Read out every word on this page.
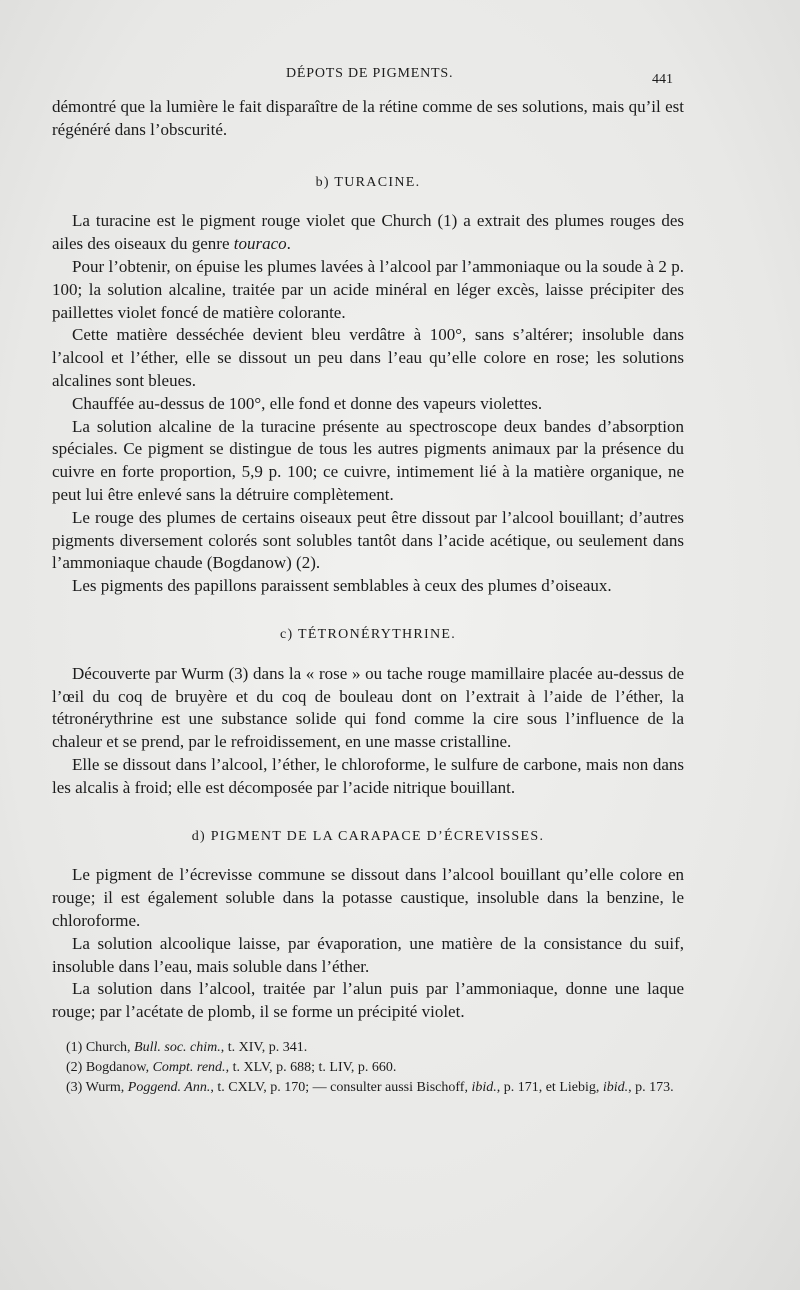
DÉPOTS DE PIGMENTS.	441

démontré que la lumière le fait disparaître de la rétine comme de ses solutions, mais qu’il est régénéré dans l’obscurité.

b) TURACINE.

La turacine est le pigment rouge violet que Church (1) a extrait des plumes rouges des ailes des oiseaux du genre touraco.

Pour l’obtenir, on épuise les plumes lavées à l’alcool par l’ammoniaque ou la soude à 2 p. 100; la solution alcaline, traitée par un acide minéral en léger excès, laisse précipiter des paillettes violet foncé de matière colorante.

Cette matière desséchée devient bleu verdâtre à 100°, sans s’altérer; insoluble dans l’alcool et l’éther, elle se dissout un peu dans l’eau qu’elle colore en rose; les solutions alcalines sont bleues.

Chauffée au-dessus de 100°, elle fond et donne des vapeurs violettes.

La solution alcaline de la turacine présente au spectroscope deux bandes d’absorption spéciales. Ce pigment se distingue de tous les autres pigments animaux par la présence du cuivre en forte proportion, 5,9 p. 100; ce cuivre, intimement lié à la matière organique, ne peut lui être enlevé sans la détruire complètement.

Le rouge des plumes de certains oiseaux peut être dissout par l’alcool bouillant; d’autres pigments diversement colorés sont solubles tantôt dans l’acide acétique, ou seulement dans l’ammoniaque chaude (Bogdanow) (2).

Les pigments des papillons paraissent semblables à ceux des plumes d’oiseaux.

c) TÉTRONÉRYTHRINE.

Découverte par Wurm (3) dans la « rose » ou tache rouge mamillaire placée au-dessus de l’œil du coq de bruyère et du coq de bouleau dont on l’extrait à l’aide de l’éther, la tétronérythrine est une substance solide qui fond comme la cire sous l’influence de la chaleur et se prend, par le refroidissement, en une masse cristalline.

Elle se dissout dans l’alcool, l’éther, le chloroforme, le sulfure de carbone, mais non dans les alcalis à froid; elle est décomposée par l’acide nitrique bouillant.

d) PIGMENT DE LA CARAPACE D’ÉCREVISSES.

Le pigment de l’écrevisse commune se dissout dans l’alcool bouillant qu’elle colore en rouge; il est également soluble dans la potasse caustique, insoluble dans la benzine, le chloroforme.

La solution alcoolique laisse, par évaporation, une matière de la consistance du suif, insoluble dans l’eau, mais soluble dans l’éther.

La solution dans l’alcool, traitée par l’alun puis par l’ammoniaque, donne une laque rouge; par l’acétate de plomb, il se forme un précipité violet.

(1) Church, Bull. soc. chim., t. XIV, p. 341.

(2) Bogdanow, Compt. rend., t. XLV, p. 688; t. LIV, p. 660.

(3) Wurm, Poggend. Ann., t. CXLV, p. 170; — consulter aussi Bischoff, ibid., p. 171, et Liebig, ibid., p. 173.
